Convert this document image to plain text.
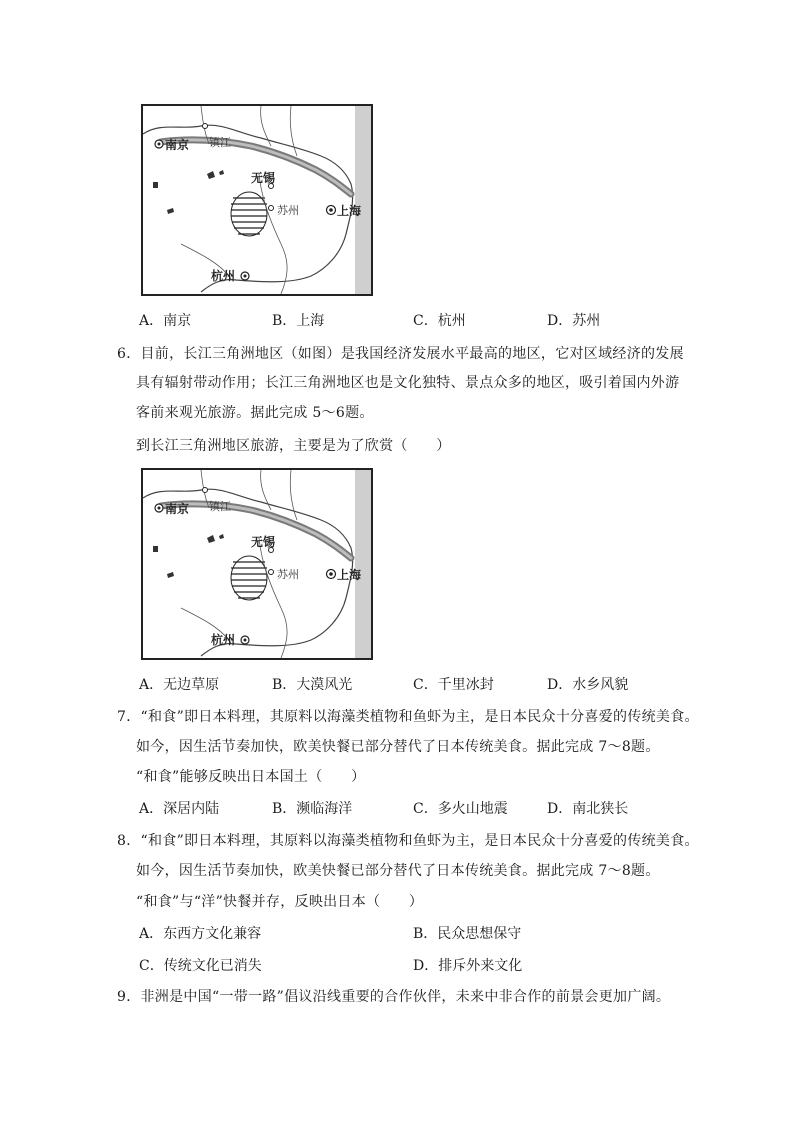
南京 镇江
无锡
苏州	上海
杭州
A．南京	B．上海	C．杭州	D．苏州
6．目前，长江三角洲地区（如图）是我国经济发展水平最高的地区，它对区域经济的发展
具有辐射带动作用；长江三角洲地区也是文化独特、景点众多的地区，吸引着国内外游
客前来观光旅游。据此完成 5～6题。
到长江三角洲地区旅游，主要是为了欣赏（　　）
南京 镇江
无锡
苏州	上海
杭州
A．无边草原	B．大漠风光	C．千里冰封	D．水乡风貌
7．“和食”即日本料理，其原料以海藻类植物和鱼虾为主，是日本民众十分喜爱的传统美食。
如今，因生活节奏加快，欧美快餐已部分替代了日本传统美食。据此完成 7～8题。
“和食”能够反映出日本国土（　　）
A．深居内陆	B．濒临海洋	C．多火山地震	D．南北狭长
8．“和食”即日本料理，其原料以海藻类植物和鱼虾为主，是日本民众十分喜爱的传统美食。
如今，因生活节奏加快，欧美快餐已部分替代了日本传统美食。据此完成 7～8题。
“和食”与“洋”快餐并存，反映出日本（　　）
A．东西方文化兼容	B．民众思想保守
C．传统文化已消失	D．排斥外来文化
9．非洲是中国“一带一路”倡议沿线重要的合作伙伴，未来中非合作的前景会更加广阔。
